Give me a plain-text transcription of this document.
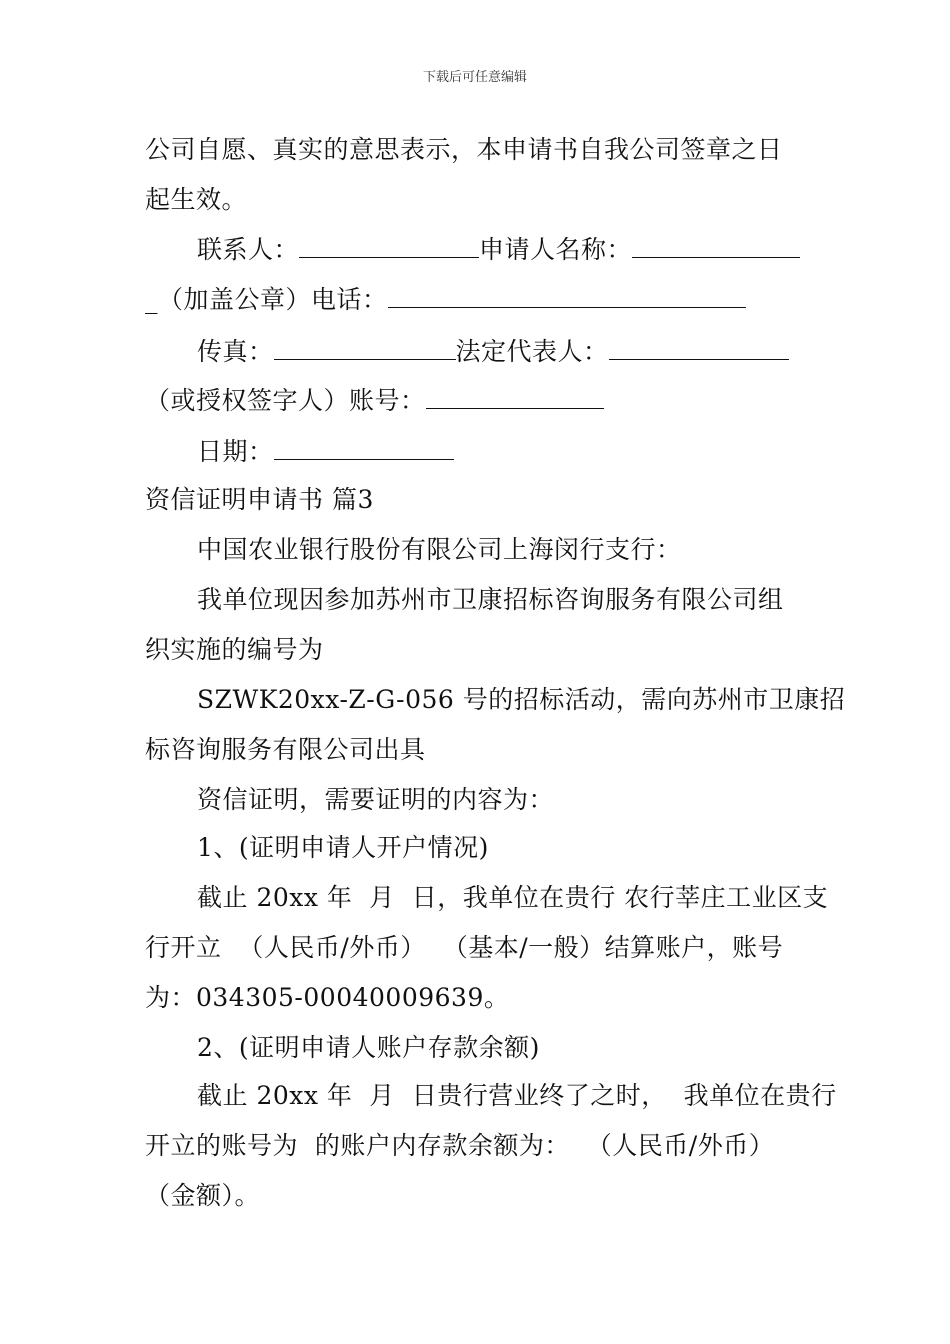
下载后可任意编辑
公司自愿、真实的意思表示，本申请书自我公司签章之日
起生效。
联系人：	申请人名称：
_（加盖公章）电话：
传真：	法定代表人：
（或授权签字人）账号：
日期：
资信证明申请书 篇3
中国农业银行股份有限公司上海闵行支行：
我单位现因参加苏州市卫康招标咨询服务有限公司组
织实施的编号为
SZWK20xx-Z-G-056 号的招标活动，需向苏州市卫康招
标咨询服务有限公司出具
资信证明，需要证明的内容为：
1、(证明申请人开户情况)
截止 20xx 年  月  日，我单位在贵行 农行莘庄工业区支
行开立  （人民币/外币）  （基本/一般）结算账户，账号
为：034305-00040009639。
2、(证明申请人账户存款余额)
截止 20xx 年  月  日贵行营业终了之时，  我单位在贵行
开立的账号为  的账户内存款余额为：  （人民币/外币）
（金额）。
